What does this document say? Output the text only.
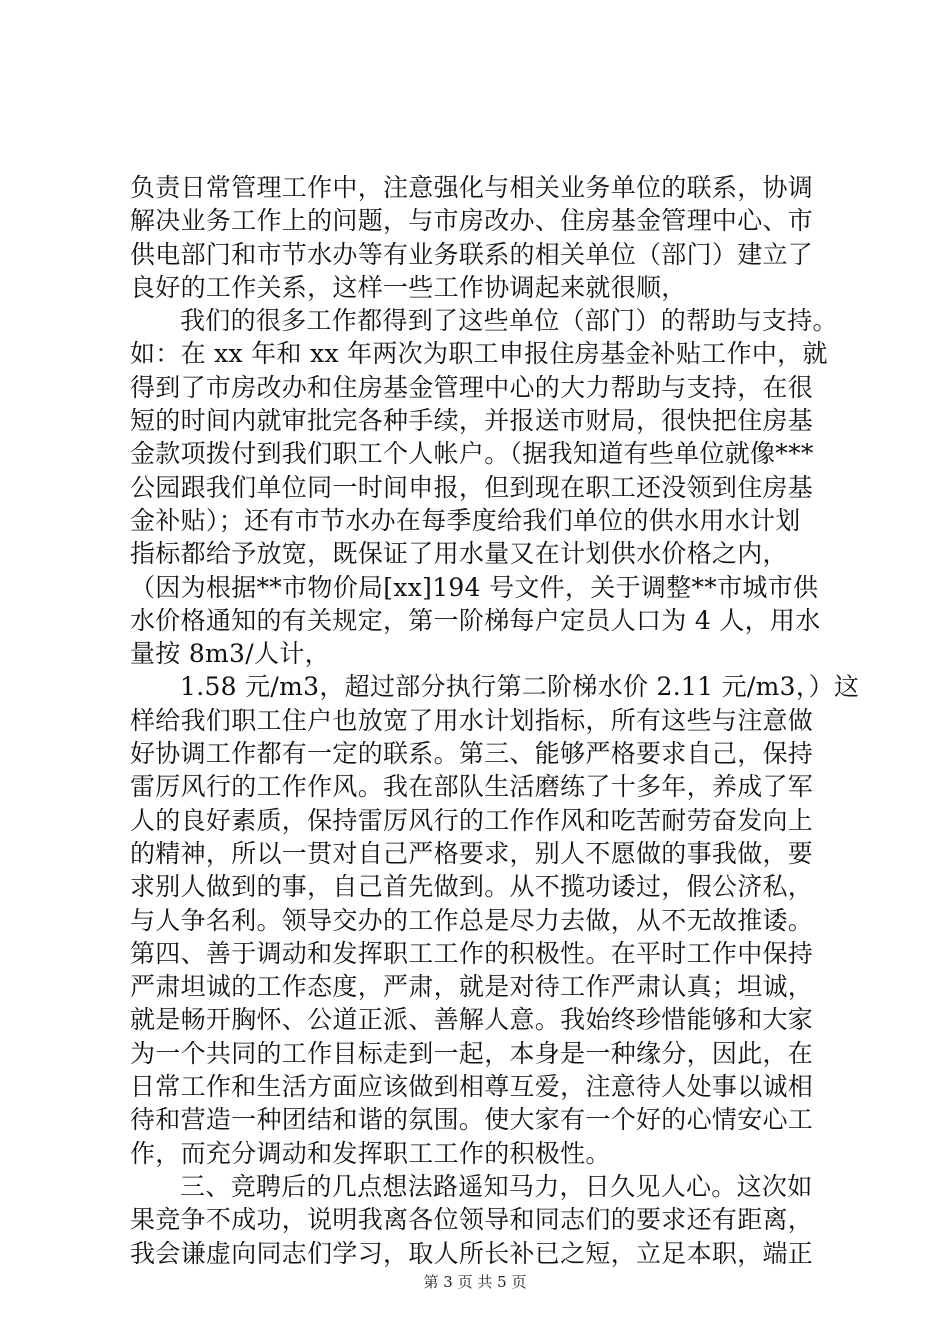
负责日常管理工作中，注意强化与相关业务单位的联系，协调
解决业务工作上的问题，与市房改办、住房基金管理中心、市
供电部门和市节水办等有业务联系的相关单位（部门）建立了
良好的工作关系，这样一些工作协调起来就很顺，
我们的很多工作都得到了这些单位（部门）的帮助与支持。
如：在 xx 年和 xx 年两次为职工申报住房基金补贴工作中，就
得到了市房改办和住房基金管理中心的大力帮助与支持，在很
短的时间内就审批完各种手续，并报送市财局，很快把住房基
金款项拨付到我们职工个人帐户。（据我知道有些单位就像***
公园跟我们单位同一时间申报，但到现在职工还没领到住房基
金补贴）；还有市节水办在每季度给我们单位的供水用水计划
指标都给予放宽，既保证了用水量又在计划供水价格之内，
（因为根据**市物价局[xx]194 号文件，关于调整**市城市供
水价格通知的有关规定，第一阶梯每户定员人口为 4 人，用水
量按 8m3/人计，
1.58 元/m3，超过部分执行第二阶梯水价 2.11 元/m3，）这
样给我们职工住户也放宽了用水计划指标，所有这些与注意做
好协调工作都有一定的联系。第三、能够严格要求自己，保持
雷厉风行的工作作风。我在部队生活磨练了十多年，养成了军
人的良好素质，保持雷厉风行的工作作风和吃苦耐劳奋发向上
的精神，所以一贯对自己严格要求，别人不愿做的事我做，要
求别人做到的事，自己首先做到。从不揽功诿过，假公济私，
与人争名利。领导交办的工作总是尽力去做，从不无故推诿。
第四、善于调动和发挥职工工作的积极性。在平时工作中保持
严肃坦诚的工作态度，严肃，就是对待工作严肃认真；坦诚，
就是畅开胸怀、公道正派、善解人意。我始终珍惜能够和大家
为一个共同的工作目标走到一起，本身是一种缘分，因此，在
日常工作和生活方面应该做到相尊互爱，注意待人处事以诚相
待和营造一种团结和谐的氛围。使大家有一个好的心情安心工
作，而充分调动和发挥职工工作的积极性。
三、竞聘后的几点想法路遥知马力，日久见人心。这次如
果竞争不成功，说明我离各位领导和同志们的要求还有距离，
我会谦虚向同志们学习，取人所长补已之短，立足本职，端正
第 3 页 共 5 页
